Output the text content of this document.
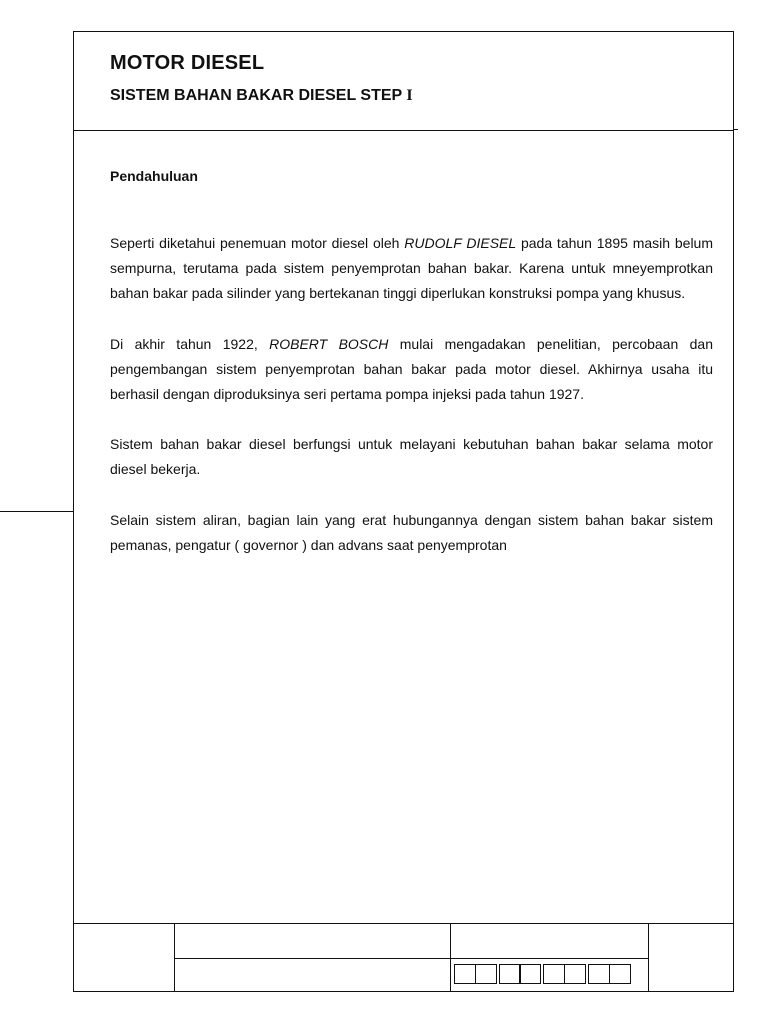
MOTOR DIESEL
SISTEM BAHAN BAKAR DIESEL STEP I

Pendahuluan

Seperti diketahui penemuan motor diesel oleh RUDOLF DIESEL pada tahun 1895 masih belum sempurna, terutama pada sistem penyemprotan bahan bakar. Karena untuk mneyemprotkan bahan bakar pada silinder yang bertekanan tinggi diperlukan konstruksi pompa yang khusus.

Di akhir tahun 1922, ROBERT BOSCH mulai mengadakan penelitian, percobaan dan pengembangan sistem penyemprotan bahan bakar pada motor diesel. Akhirnya usaha itu berhasil dengan diproduksinya seri pertama pompa injeksi pada tahun 1927.

Sistem bahan bakar diesel berfungsi untuk melayani kebutuhan bahan bakar selama motor diesel bekerja.

Selain sistem aliran, bagian lain yang erat hubungannya dengan sistem bahan bakar sistem pemanas, pengatur ( governor ) dan advans saat penyemprotan
